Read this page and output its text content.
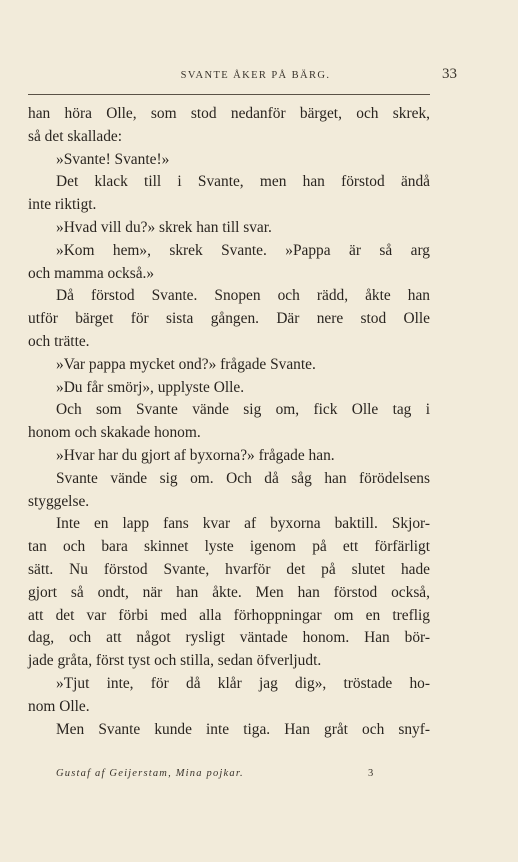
SVANTE ÅKER PÅ BÄRG.	33
han höra Olle, som stod nedanför bärget, och skrek,
så det skallade:
»Svante! Svante!»
Det klack till i Svante, men han förstod ändå
inte riktigt.
»Hvad vill du?» skrek han till svar.
»Kom hem», skrek Svante. »Pappa är så arg
och mamma också.»
Då förstod Svante. Snopen och rädd, åkte han
utför bärget för sista gången. Där nere stod Olle
och trätte.
»Var pappa mycket ond?» frågade Svante.
»Du får smörj», upplyste Olle.
Och som Svante vände sig om, fick Olle tag i
honom och skakade honom.
»Hvar har du gjort af byxorna?» frågade han.
Svante vände sig om. Och då såg han förödelsens
styggelse.
Inte en lapp fans kvar af byxorna baktill. Skjor-
tan och bara skinnet lyste igenom på ett förfärligt
sätt. Nu förstod Svante, hvarför det på slutet hade
gjort så ondt, när han åkte. Men han förstod också,
att det var förbi med alla förhoppningar om en treflig
dag, och att något rysligt väntade honom. Han bör-
jade gråta, först tyst och stilla, sedan öfverljudt.
»Tjut inte, för då klår jag dig», tröstade ho-
nom Olle.
Men Svante kunde inte tiga. Han gråt och snyf-
Gustaf af Geijerstam, Mina pojkar.	3
